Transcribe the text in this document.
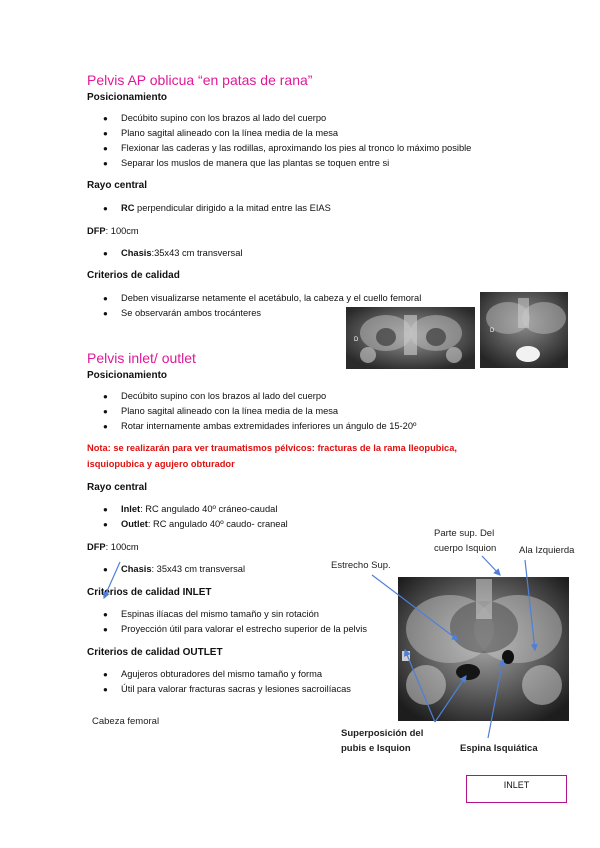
Pelvis AP oblicua “en patas de rana”
Posicionamiento
● Decúbito supino con los brazos al lado del cuerpo
● Plano sagital alineado con la línea media de la mesa
● Flexionar las caderas y las rodillas, aproximando los pies al tronco lo máximo posible
● Separar los muslos de manera que las plantas se toquen entre si
Rayo central
● RC perpendicular dirigido a la mitad entre las EIAS
DFP: 100cm
● Chasis:35x43 cm transversal
Criterios de calidad
● Deben visualizarse netamente el acetábulo, la cabeza y el cuello femoral
● Se observarán ambos trocánteres
D
D
Pelvis inlet/ outlet
Posicionamiento
● Decúbito supino con los brazos al lado del cuerpo
● Plano sagital alineado con la línea media de la mesa
● Rotar internamente ambas extremidades inferiores un ángulo de 15-20º
Nota: se realizarán para ver traumatismos pélvicos: fracturas de la rama Ileopubica,
isquiopubica y agujero obturador
Rayo central
● Inlet: RC angulado 40º cráneo-caudal
● Outlet: RC angulado 40º caudo- craneal
DFP: 100cm
● Chasis: 35x43 cm transversal
Criterios de calidad INLET
● Espinas ilíacas del mismo tamaño y sin rotación
● Proyección útil para valorar el estrecho superior de la pelvis
Criterios de calidad OUTLET
● Agujeros obturadores del mismo tamaño y forma
● Útil para valorar fracturas sacras y lesiones sacroilíacas
Parte sup. Del
cuerpo Isquion Ala Izquierda
Estrecho Sup.
Cabeza femoral
Superposición del
pubis e Isquion	Espina Isquiática
INLET
